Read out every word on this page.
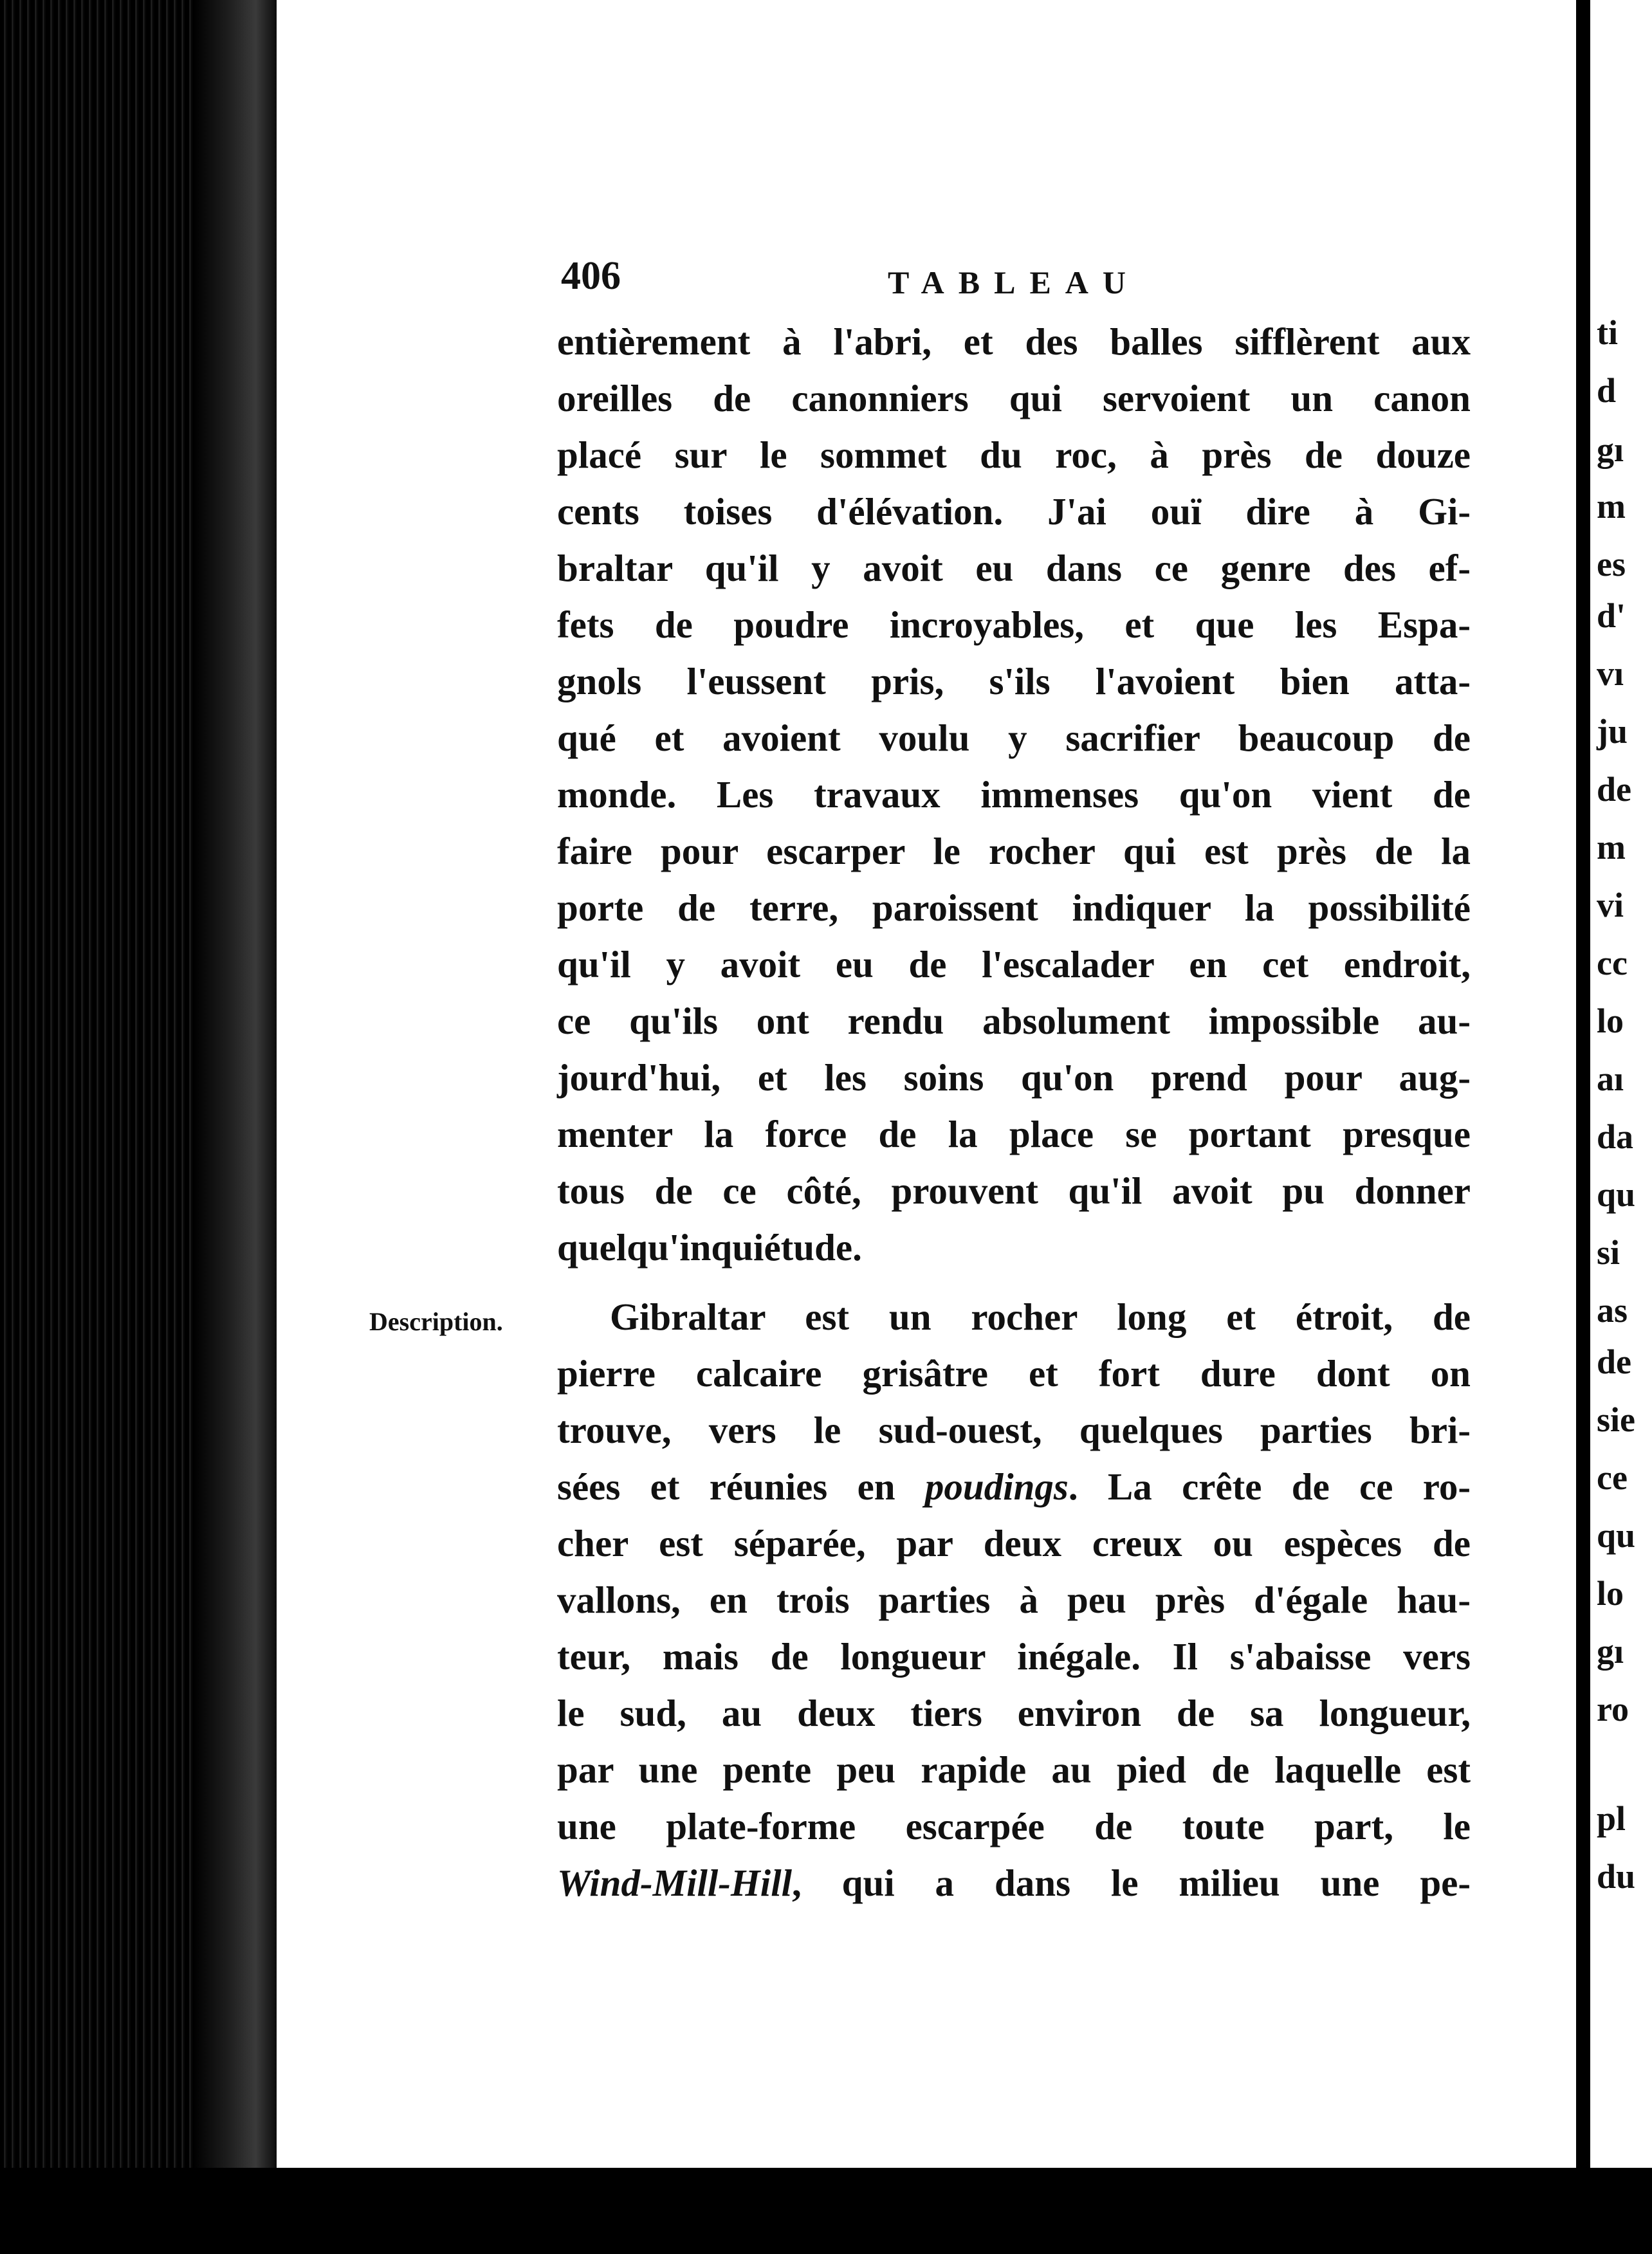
ti
d
gı
m
es
d'
vı
ju
de
m
vi
cc
lo
aı
da
qu
si
as
de
sie
ce
qu
lo
gı
ro
pl
du
406	TABLEAU
entièrement à l'abri, et des balles sifflèrent aux
oreilles de canonniers qui servoient un canon
placé sur le sommet du roc, à près de douze
cents toises d'élévation. J'ai ouï dire à Gi-
braltar qu'il y avoit eu dans ce genre des ef-
fets de poudre incroyables, et que les Espa-
gnols l'eussent pris, s'ils l'avoient bien atta-
qué et avoient voulu y sacrifier beaucoup de
monde. Les travaux immenses qu'on vient de
faire pour escarper le rocher qui est près de la
porte de terre, paroissent indiquer la possibilité
qu'il y avoit eu de l'escalader en cet endroit,
ce qu'ils ont rendu absolument impossible au-
jourd'hui, et les soins qu'on prend pour aug-
menter la force de la place se portant presque
tous de ce côté, prouvent qu'il avoit pu donner
quelqu'inquiétude.
Description.	Gibraltar est un rocher long et étroit, de
pierre calcaire grisâtre et fort dure dont on
trouve, vers le sud-ouest, quelques parties bri-
sées et réunies en poudings. La crête de ce ro-
cher est séparée, par deux creux ou espèces de
vallons, en trois parties à peu près d'égale hau-
teur, mais de longueur inégale. Il s'abaisse vers
le sud, au deux tiers environ de sa longueur,
par une pente peu rapide au pied de laquelle est
une plate-forme escarpée de toute part, le
Wind-Mill-Hill, qui a dans le milieu une pe-
